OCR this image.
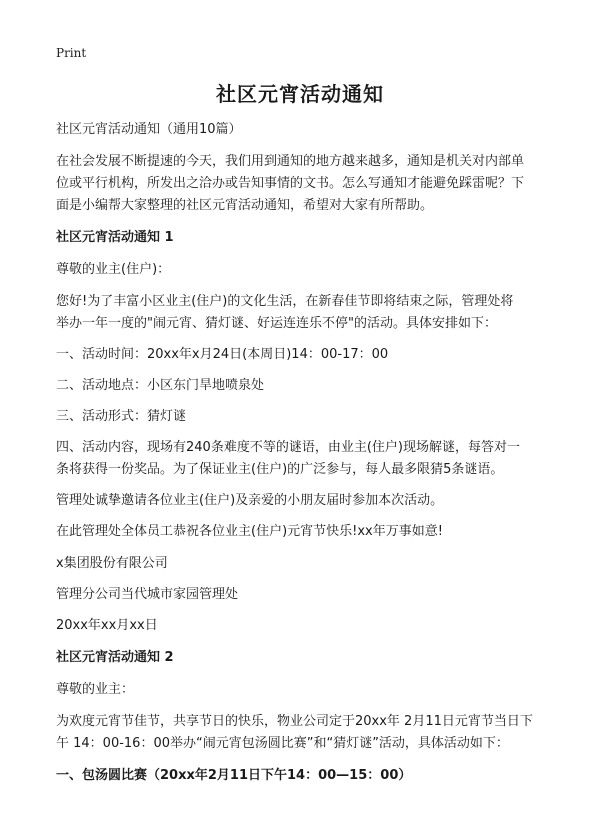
Print
社区元宵活动通知
社区元宵活动通知（通用10篇）
在社会发展不断提速的今天，我们用到通知的地方越来越多，通知是机关对内部单
位或平行机构，所发出之洽办或告知事情的文书。怎么写通知才能避免踩雷呢？下
面是小编帮大家整理的社区元宵活动通知，希望对大家有所帮助。
社区元宵活动通知 1
尊敬的业主(住户)：
您好!为了丰富小区业主(住户)的文化生活，在新春佳节即将结束之际，管理处将
举办一年一度的"闹元宵、猜灯谜、好运连连乐不停"的活动。具体安排如下：
一、活动时间：20xx年x月24日(本周日)14：00-17：00
二、活动地点：小区东门旱地喷泉处
三、活动形式：猜灯谜
四、活动内容，现场有240条难度不等的谜语，由业主(住户)现场解谜，每答对一
条将获得一份奖品。为了保证业主(住户)的广泛参与，每人最多限猜5条谜语。
管理处诚挚邀请各位业主(住户)及亲爱的小朋友届时参加本次活动。
在此管理处全体员工恭祝各位业主(住户)元宵节快乐!xx年万事如意!
x集团股份有限公司
管理分公司当代城市家园管理处
20xx年xx月xx日
社区元宵活动通知 2
尊敬的业主：
为欢度元宵节佳节，共享节日的快乐，物业公司定于20xx年 2月11日元宵节当日下
午 14：00-16：00举办“闹元宵包汤圆比赛”和“猜灯谜”活动，具体活动如下：
一、包汤圆比赛（20xx年2月11日下午14：00—15：00）
